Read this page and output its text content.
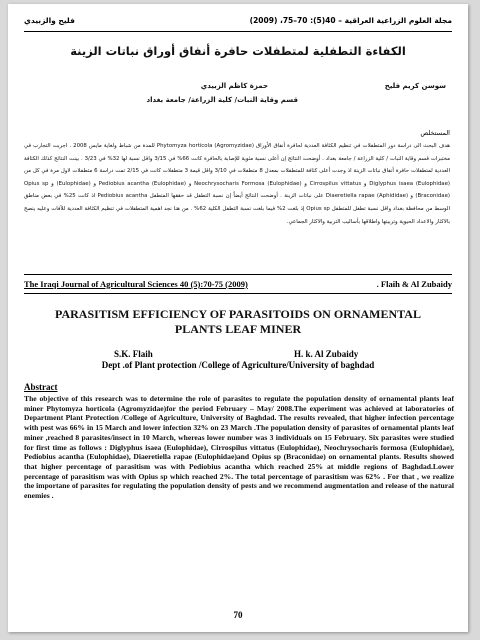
مجلة العلوم الزراعية العراقية – 40(5): 70–75، (2009)
فليح والزبيدي
الكفاءة التطفلية لمتطفلات حافرة أنفاق أوراق نباتات الزينة
سوسن كريم فليح
حمزة كاظم الزبيدي
قسم وقاية النبات/ كلية الزراعة/ جامعة بغداد
المستخلص
هدف البحث الى دراسة دور المتطفلات في تنظيم الكثافة العددية لحافرة أنفاق الأوراق Phytomyza horticola (Agromyzidae) للمدة من شباط ولغاية مايس 2008 . اجريت التجارب في مختبرات قسم وقاية النبات / كلية الزراعة / جامعة بغداد . أوضحت النتائج إن أعلى نسبة مئوية للإصابة بالحافرة كانت 66% في 3/15 واقل نسبة لها 32% في 3/23 . بينت النتائج كذلك الكثافة العددية لمتطفلات حافرة أنفاق نباتات الزينة اذ وجدت أعلى كثافة للمتطفلات بمعدل 8 متطفلات في 3/10 واقل قيمة 3 متطفلات كانت في 2/15 تمت دراسة 6 متطفلات لاول مرة في كل من Diglyphus isaea (Eulophidae) و Cirrospilus vittatus و Neochrysocharis Formosa (Eulophidae) و Pediobius acantha (Eulophidae) و (Eulophidae) و Opius sp (Braconidae) و Diaeretiella rapae (Aphididae) على نباتات الزينة . أوضحت النتائج أيضاً إن نسبة التطفل قد حققها المتطفل Pediobius acantha اذ كانت 25% في بعض مناطق الوسط من محافظة بغداد واقل نسبة تطفل للمتطفل Opius sp إذ بلغت 2% فيما بلغت نسبة التطفل الكلية 62% . من هنا نجد اهمية المتطفلات في تنظيم الكثافة العددية للآفات وعليه ينصح بالاكثار والاعداد الحيوية وتربيتها واطلاقها بأساليب التربية والاكثار الجماعي.
The Iraqi Journal of Agricultural Sciences 40 (5):70-75 (2009)	. Flaih & Al Zubaidy
PARASITISM EFFICIENCY OF PARASITOIDS ON ORNAMENTAL PLANTS LEAF MINER
S.K. Flaih	H. k. Al Zubaidy
Dept .of Plant protection /College of Agriculture/University of baghdad
Abstract
The objective of this research was to determine the role of parasites to regulate the population density of ornamental plants leaf miner Phytomyza horticola (Agromyzidae)for the period February – May/ 2008.The experiment was achieved at laboratories of Department Plant Protection /College of Agriculture, University of Baghdad. The results revealed, that higher infection percentage with pest was 66% in 15 March and lower infection 32% on 23 March .The population density of parasites of ornamental plants leaf miner ,reached 8 parasites/insect in 10 March, whereas lower number was 3 individuals on 15 February. Six parasites were studied for first time as follows : Diglyphus isaea (Eulophidae), Cirrospilus vittatus (Eulophidae), Neochrysocharis formosa (Eulophidae), Pediobius acantha (Eulophidae), Diaeretiella rapae (Eulophidae)and Opius sp (Braconidae) on ornamental plants. Results showed that higher percentage of parasitism was with Pediobius acantha which reached 25% at middle regions of Baghdad.Lower percentage of parasitism was with Opius sp which reached 2%. The total percentage of parasitism was 62% . For that , we realize the importane of parasites for regulating the population density of pests and we recommend augmentation and release of the natural enemies .
70
